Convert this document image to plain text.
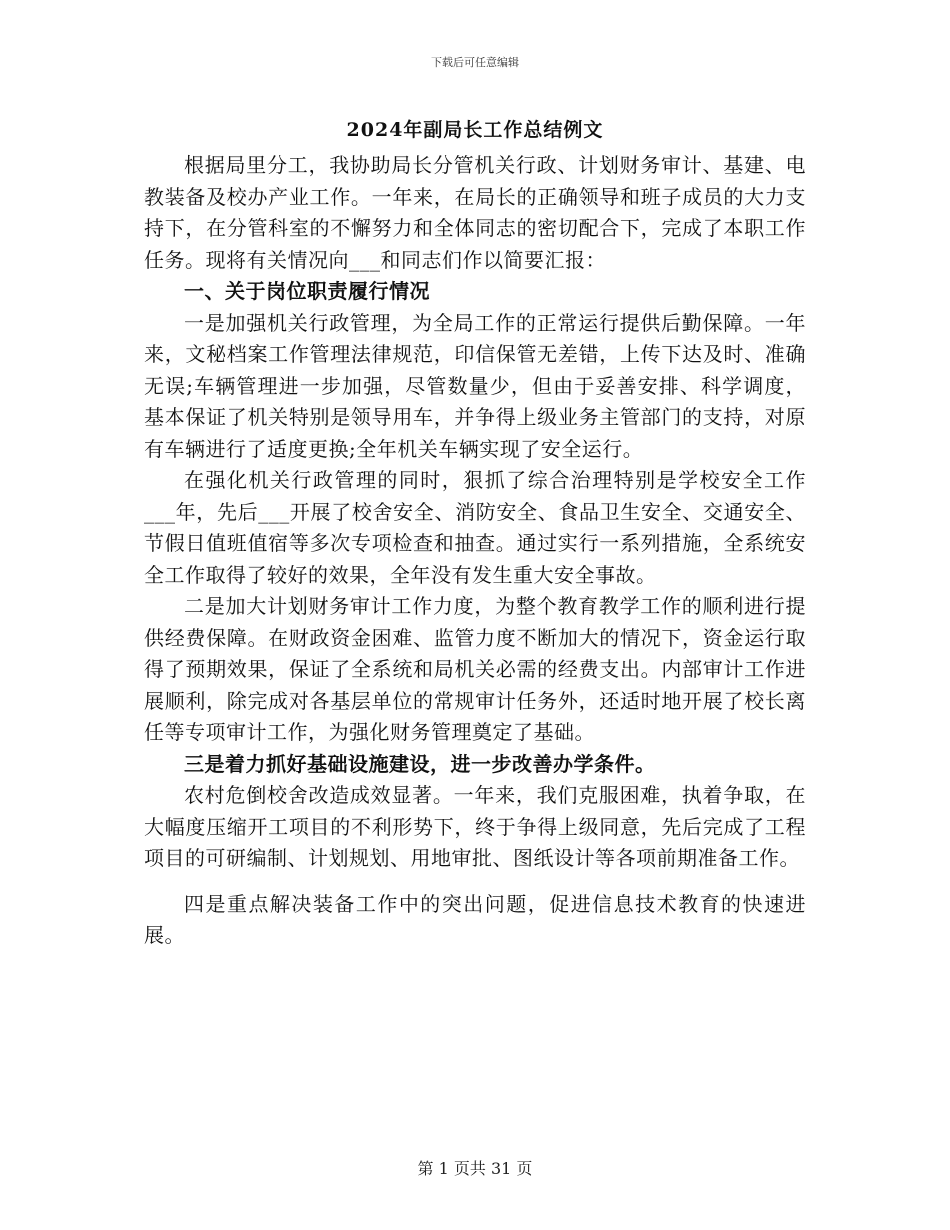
下载后可任意编辑
2024年副局长工作总结例文

根据局里分工，我协助局长分管机关行政、计划财务审计、基建、电教装备及校办产业工作。一年来，在局长的正确领导和班子成员的大力支持下，在分管科室的不懈努力和全体同志的密切配合下，完成了本职工作任务。现将有关情况向___和同志们作以简要汇报：

一、关于岗位职责履行情况

一是加强机关行政管理，为全局工作的正常运行提供后勤保障。一年来，文秘档案工作管理法律规范，印信保管无差错，上传下达及时、准确无误;车辆管理进一步加强，尽管数量少，但由于妥善安排、科学调度，基本保证了机关特别是领导用车，并争得上级业务主管部门的支持，对原有车辆进行了适度更换;全年机关车辆实现了安全运行。

在强化机关行政管理的同时，狠抓了综合治理特别是学校安全工作___年，先后___开展了校舍安全、消防安全、食品卫生安全、交通安全、节假日值班值宿等多次专项检查和抽查。通过实行一系列措施，全系统安全工作取得了较好的效果，全年没有发生重大安全事故。

二是加大计划财务审计工作力度，为整个教育教学工作的顺利进行提供经费保障。在财政资金困难、监管力度不断加大的情况下，资金运行取得了预期效果，保证了全系统和局机关必需的经费支出。内部审计工作进展顺利，除完成对各基层单位的常规审计任务外，还适时地开展了校长离任等专项审计工作，为强化财务管理奠定了基础。

三是着力抓好基础设施建设，进一步改善办学条件。

农村危倒校舍改造成效显著。一年来，我们克服困难，执着争取，在大幅度压缩开工项目的不利形势下，终于争得上级同意，先后完成了工程项目的可研编制、计划规划、用地审批、图纸设计等各项前期准备工作。

四是重点解决装备工作中的突出问题，促进信息技术教育的快速进展。

第 1 页共 31 页
